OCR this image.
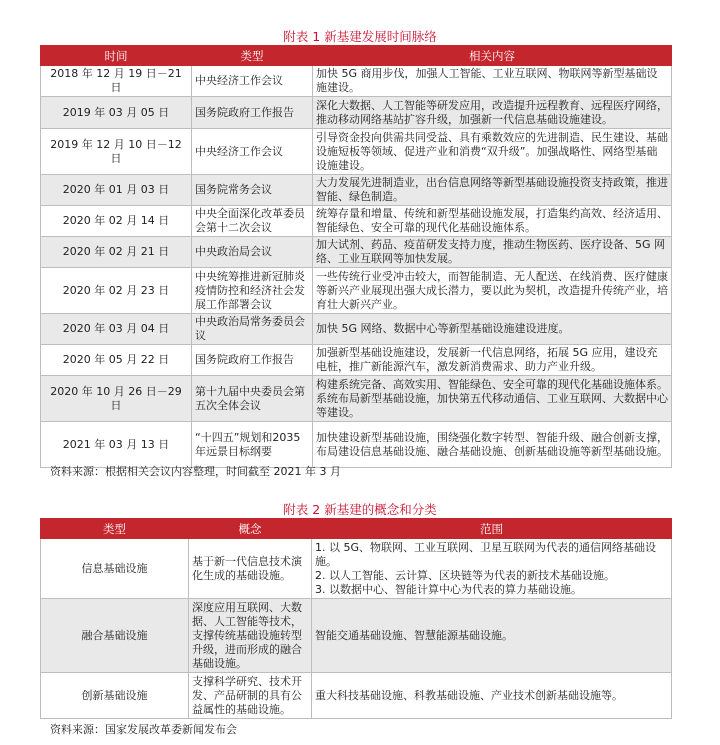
附表 1 新基建发展时间脉络
时间	类型	相关内容
2018 年 12 月 19 日－21 日	中央经济工作会议	加快 5G 商用步伐，加强人工智能、工业互联网、物联网等新型基础设施建设。
2019 年 03 月 05 日	国务院政府工作报告	深化大数据、人工智能等研发应用，改造提升远程教育、远程医疗网络，推动移动网络基站扩容升级，加强新一代信息基础设施建设。
2019 年 12 月 10 日－12 日	中央经济工作会议	引导资金投向供需共同受益、具有乘数效应的先进制造、民生建设、基础设施短板等领域、促进产业和消费“双升级”。加强战略性、网络型基础设施建设。
2020 年 01 月 03 日	国务院常务会议	大力发展先进制造业，出台信息网络等新型基础设施投资支持政策，推进智能、绿色制造。
2020 年 02 月 14 日	中央全面深化改革委员会第十二次会议	统筹存量和增量、传统和新型基础设施发展，打造集约高效、经济适用、智能绿色、安全可靠的现代化基础设施体系。
2020 年 02 月 21 日	中央政治局会议	加大试剂、药品、疫苗研发支持力度，推动生物医药、医疗设备、5G 网络、工业互联网等加快发展。
2020 年 02 月 23 日	中央统筹推进新冠肺炎疫情防控和经济社会发展工作部署会议	一些传统行业受冲击较大，而智能制造、无人配送、在线消费、医疗健康等新兴产业展现出强大成长潜力，要以此为契机，改造提升传统产业，培育壮大新兴产业。
2020 年 03 月 04 日	中央政治局常务委员会议	加快 5G 网络、数据中心等新型基础设施建设进度。
2020 年 05 月 22 日	国务院政府工作报告	加强新型基础设施建设，发展新一代信息网络，拓展 5G 应用，建设充电桩，推广新能源汽车，激发新消费需求、助力产业升级。
2020 年 10 月 26 日－29 日	第十九届中央委员会第五次全体会议	构建系统完备、高效实用、智能绿色、安全可靠的现代化基础设施体系。系统布局新型基础设施，加快第五代移动通信、工业互联网、大数据中心等建设。
2021 年 03 月 13 日	“十四五”规划和2035 年远景目标纲要	加快建设新型基础设施，围绕强化数字转型、智能升级、融合创新支撑，布局建设信息基础设施、融合基础设施、创新基础设施等新型基础设施。
资料来源：根据相关会议内容整理，时间截至 2021 年 3 月
附表 2 新基建的概念和分类
类型	概念	范围
信息基础设施	基于新一代信息技术演化生成的基础设施。	1. 以 5G、物联网、工业互联网、卫星互联网为代表的通信网络基础设施。
2. 以人工智能、云计算、区块链等为代表的新技术基础设施。
3. 以数据中心、智能计算中心为代表的算力基础设施。
融合基础设施	深度应用互联网、大数据、人工智能等技术，支撑传统基础设施转型升级，进而形成的融合基础设施。	智能交通基础设施、智慧能源基础设施。
创新基础设施	支撑科学研究、技术开发、产品研制的具有公益属性的基础设施。	重大科技基础设施、科教基础设施、产业技术创新基础设施等。
资料来源：国家发展改革委新闻发布会
